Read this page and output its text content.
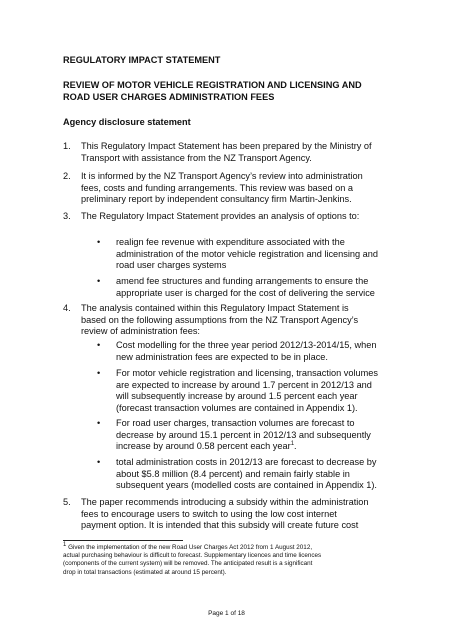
REGULATORY IMPACT STATEMENT
REVIEW OF MOTOR VEHICLE REGISTRATION AND LICENSING AND
ROAD USER CHARGES ADMINISTRATION FEES
Agency disclosure statement
1. This Regulatory Impact Statement has been prepared by the Ministry of
Transport with assistance from the NZ Transport Agency.
2. It is informed by the NZ Transport Agency’s review into administration
fees, costs and funding arrangements. This review was based on a
preliminary report by independent consultancy firm Martin-Jenkins.
3. The Regulatory Impact Statement provides an analysis of options to:
• realign fee revenue with expenditure associated with the
administration of the motor vehicle registration and licensing and
road user charges systems
• amend fee structures and funding arrangements to ensure the
appropriate user is charged for the cost of delivering the service
4. The analysis contained within this Regulatory Impact Statement is
based on the following assumptions from the NZ Transport Agency’s
review of administration fees:
• Cost modelling for the three year period 2012/13-2014/15, when
new administration fees are expected to be in place.
• For motor vehicle registration and licensing, transaction volumes
are expected to increase by around 1.7 percent in 2012/13 and
will subsequently increase by around 1.5 percent each year
(forecast transaction volumes are contained in Appendix 1).
• For road user charges, transaction volumes are forecast to
decrease by around 15.1 percent in 2012/13 and subsequently
increase by around 0.58 percent each year$^1$.
• total administration costs in 2012/13 are forecast to decrease by
about $5.8 million (8.4 percent) and remain fairly stable in
subsequent years (modelled costs are contained in Appendix 1).
5. The paper recommends introducing a subsidy within the administration
fees to encourage users to switch to using the low cost internet
payment option. It is intended that this subsidy will create future cost
$^1$ Given the implementation of the new Road User Charges Act 2012 from 1 August 2012,
actual purchasing behaviour is difficult to forecast. Supplementary licences and time licences
(components of the current system) will be removed. The anticipated result is a significant
drop in total transactions (estimated at around 15 percent).
Page 1 of 18
